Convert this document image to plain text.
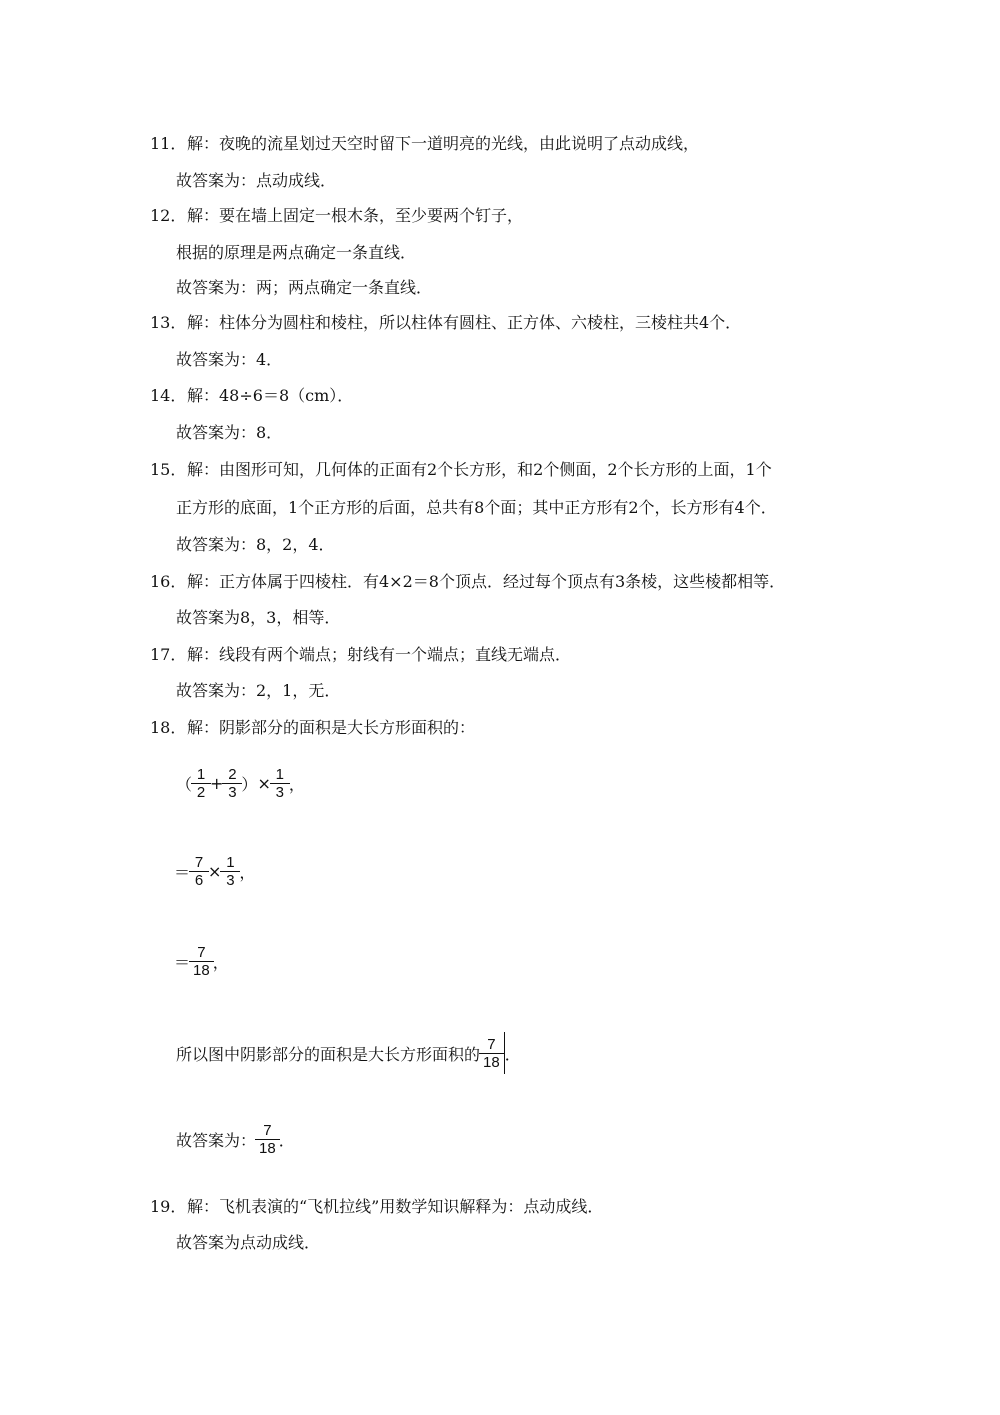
11． 解：夜晚的流星划过天空时留下一道明亮的光线，由此说明了点动成线，
故答案为：点动成线．
12． 解：要在墙上固定一根木条，至少要两个钉子，
根据的原理是两点确定一条直线．
故答案为：两；两点确定一条直线．
13． 解：柱体分为圆柱和棱柱，所以柱体有圆柱、正方体、六棱柱，三棱柱共4个．
故答案为：4．
14． 解：48÷6＝8（cm）．
故答案为：8．
15． 解：由图形可知，几何体的正面有2个长方形，和2个侧面，2个长方形的上面，1个
正方形的底面，1个正方形的后面，总共有8个面；其中正方形有2个，长方形有4个．
故答案为：8，2，4．
16． 解：正方体属于四棱柱．有4×2＝8个顶点．经过每个顶点有3条棱，这些棱都相等．
故答案为8，3，相等．
17． 解：线段有两个端点；射线有一个端点；直线无端点．
故答案为：2，1，无．
18． 解：阴影部分的面积是大长方形面积的：
（ $\frac{1}{2} + \frac{2}{3}$ ） × $\frac{1}{3}$ ，
＝ $\frac{7}{6} \times \frac{1}{3}$ ，
＝ $\frac{7}{18}$ ，
所以图中阴影部分的面积是大长方形面积的 $\frac{7}{18}$ ．
故答案为： $\frac{7}{18}$ ．
19． 解：飞机表演的“飞机拉线”用数学知识解释为：点动成线．
故答案为点动成线．
